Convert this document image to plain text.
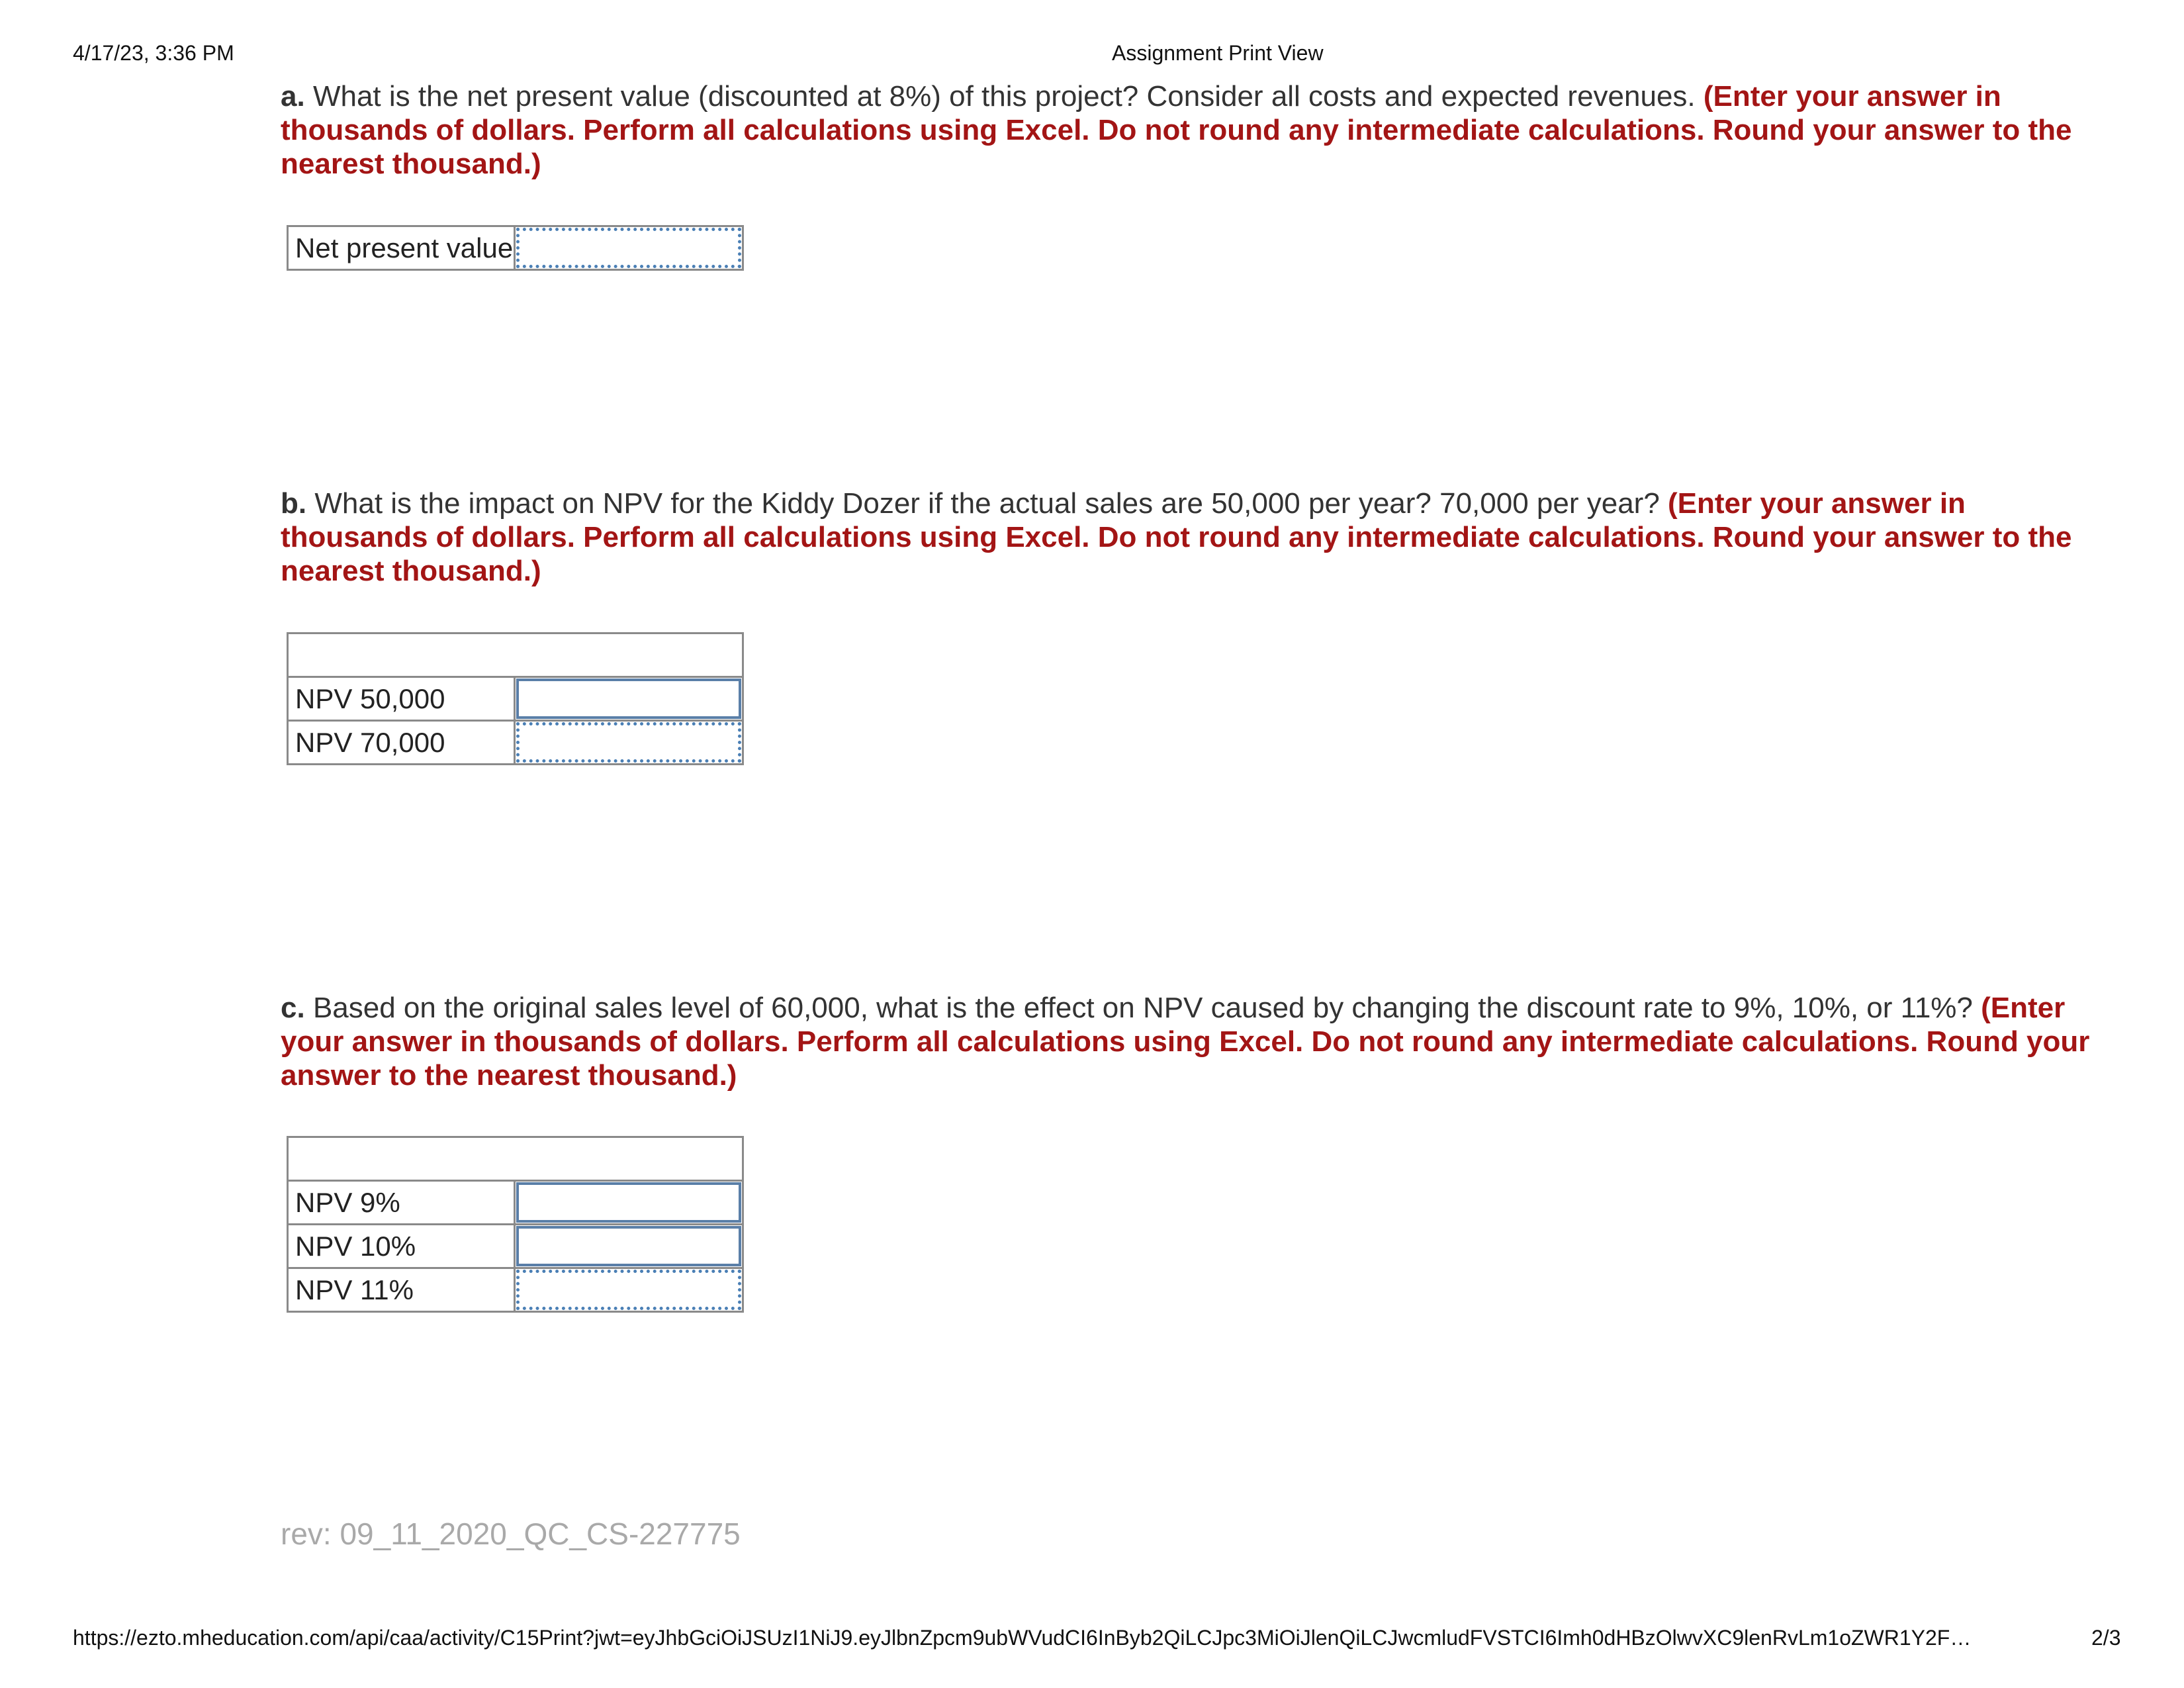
4/17/23, 3:36 PM	Assignment Print View

a. What is the net present value (discounted at 8%) of this project? Consider all costs and expected revenues. (Enter your answer in thousands of dollars. Perform all calculations using Excel. Do not round any intermediate calculations. Round your answer to the nearest thousand.)

Net present value	

b. What is the impact on NPV for the Kiddy Dozer if the actual sales are 50,000 per year? 70,000 per year? (Enter your answer in thousands of dollars. Perform all calculations using Excel. Do not round any intermediate calculations. Round your answer to the nearest thousand.)

NPV 50,000	

NPV 70,000	

c. Based on the original sales level of 60,000, what is the effect on NPV caused by changing the discount rate to 9%, 10%, or 11%? (Enter your answer in thousands of dollars. Perform all calculations using Excel. Do not round any intermediate calculations. Round your answer to the nearest thousand.)

NPV 9%	

NPV 10%	

NPV 11%	
rev: 09_11_2020_QC_CS-227775
https://ezto.mheducation.com/api/caa/activity/C15Print?jwt=eyJhbGciOiJSUzI1NiJ9.eyJlbnZpcm9ubWVudCI6InByb2QiLCJpc3MiOiJlenQiLCJwcmludFVSTCI6Imh0dHBzOlwvXC9lenRvLm1oZWR1Y2F…	2/3
